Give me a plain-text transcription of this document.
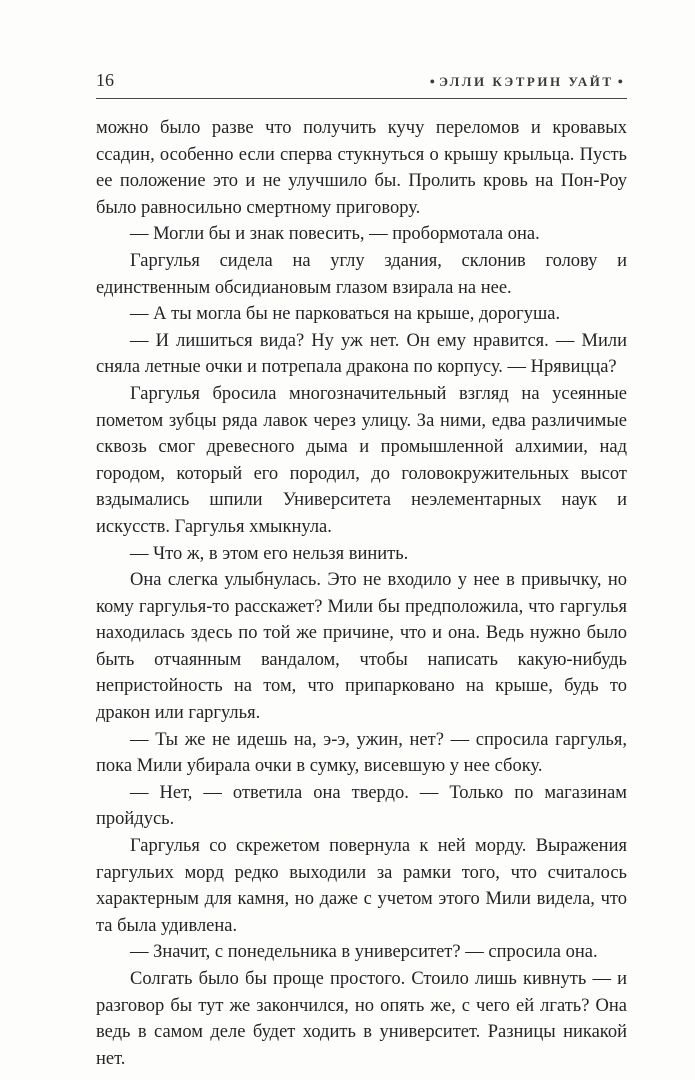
16	● ЭЛЛИ КЭТРИН УАЙТ ●

можно было разве что получить кучу переломов и кровавых ссадин, особенно если сперва стукнуться о крышу крыльца. Пусть ее положение это и не улучшило бы. Пролить кровь на Пон-Роу было равносильно смертному приговору.

— Могли бы и знак повесить, — пробормотала она.

Гаргулья сидела на углу здания, склонив голову и единственным обсидиановым глазом взирала на нее.

— А ты могла бы не парковаться на крыше, дорогуша.

— И лишиться вида? Ну уж нет. Он ему нравится. — Мили сняла летные очки и потрепала дракона по корпусу. — Нрявицца?

Гаргулья бросила многозначительный взгляд на усеянные пометом зубцы ряда лавок через улицу. За ними, едва различимые сквозь смог древесного дыма и промышленной алхимии, над городом, который его породил, до головокружительных высот вздымались шпили Университета неэлементарных наук и искусств. Гаргулья хмыкнула.

— Что ж, в этом его нельзя винить.

Она слегка улыбнулась. Это не входило у нее в привычку, но кому гаргулья-то расскажет? Мили бы предположила, что гаргулья находилась здесь по той же причине, что и она. Ведь нужно было быть отчаянным вандалом, чтобы написать какую-нибудь непристойность на том, что припарковано на крыше, будь то дракон или гаргулья.

— Ты же не идешь на, э-э, ужин, нет? — спросила гаргулья, пока Мили убирала очки в сумку, висевшую у нее сбоку.

— Нет, — ответила она твердо. — Только по магазинам пройдусь.

Гаргулья со скрежетом повернула к ней морду. Выражения гаргульих морд редко выходили за рамки того, что считалось характерным для камня, но даже с учетом этого Мили видела, что та была удивлена.

— Значит, с понедельника в университет? — спросила она.

Солгать было бы проще простого. Стоило лишь кивнуть — и разговор бы тут же закончился, но опять же, с чего ей лгать? Она ведь в самом деле будет ходить в университет. Разницы никакой нет.
